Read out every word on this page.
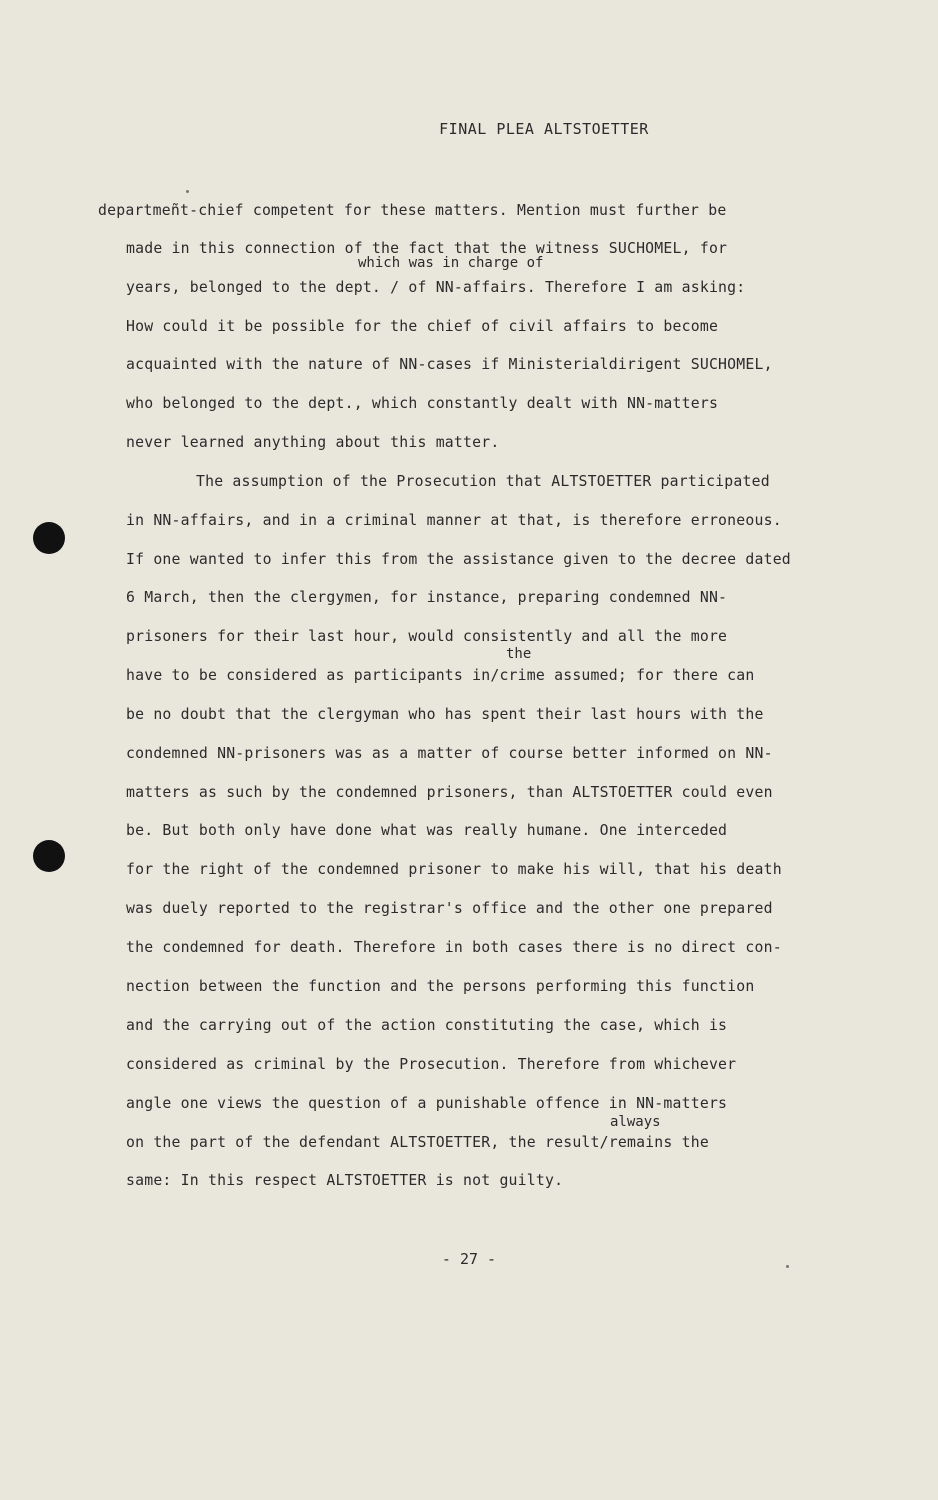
FINAL PLEA ALTSTOETTER
departmeñt-chief competent for these matters. Mention must further be
which was in charge of
made in this connection of the fact that the witness SUCHOMEL, for
years, belonged to the dept. / of NN-affairs. Therefore I am asking:
How could it be possible for the chief of civil affairs to become
acquainted with the nature of NN-cases if Ministerialdirigent SUCHOMEL,
who belonged to the dept., which constantly dealt with NN-matters
never learned anything about this matter.
The assumption of the Prosecution that ALTSTOETTER participated
in NN-affairs, and in a criminal manner at that, is therefore erroneous.
If one wanted to infer this from the assistance given to the decree dated
6 March, then the clergymen, for instance, preparing condemned NN-
prisoners for their last hour, would consistently and all the more
the
have to be considered as participants in/crime assumed; for there can
be no doubt that the clergyman who has spent their last hours with the
condemned NN-prisoners was as a matter of course better informed on NN-
matters as such by the condemned prisoners, than ALTSTOETTER could even
be. But both only have done what was really humane. One interceded
for the right of the condemned prisoner to make his will, that his death
was duely reported to the registrar's office and the other one prepared
the condemned for death. Therefore in both cases there is no direct con-
nection between the function and the persons performing this function
and the carrying out of the action constituting the case, which is
considered as criminal by the Prosecution. Therefore from whichever
angle one views the question of a punishable offence in NN-matters
always
on the part of the defendant ALTSTOETTER, the result/remains the
same: In this respect ALTSTOETTER is not guilty.
- 27 -
